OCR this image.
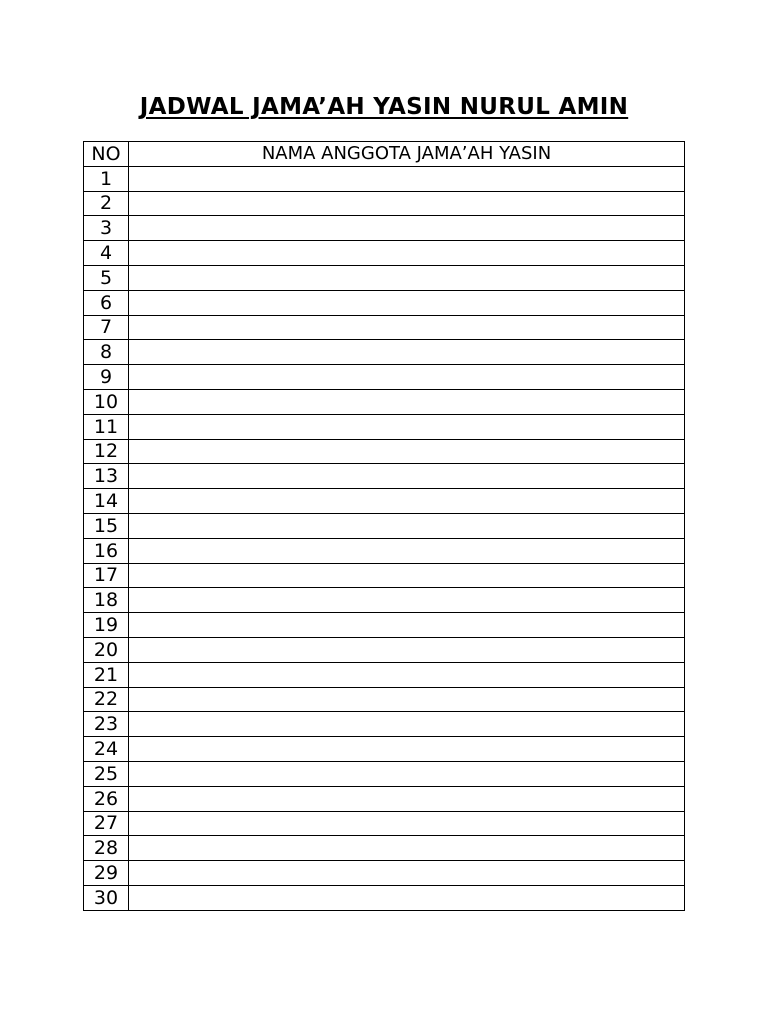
JADWAL JAMA’AH YASIN NURUL AMIN
NO	NAMA ANGGOTA JAMA’AH YASIN
1	
2	
3	
4	
5	
6	
7	
8	
9	
10	
11	
12	
13	
14	
15	
16	
17	
18	
19	
20	
21	
22	
23	
24	
25	
26	
27	
28	
29	
30	
